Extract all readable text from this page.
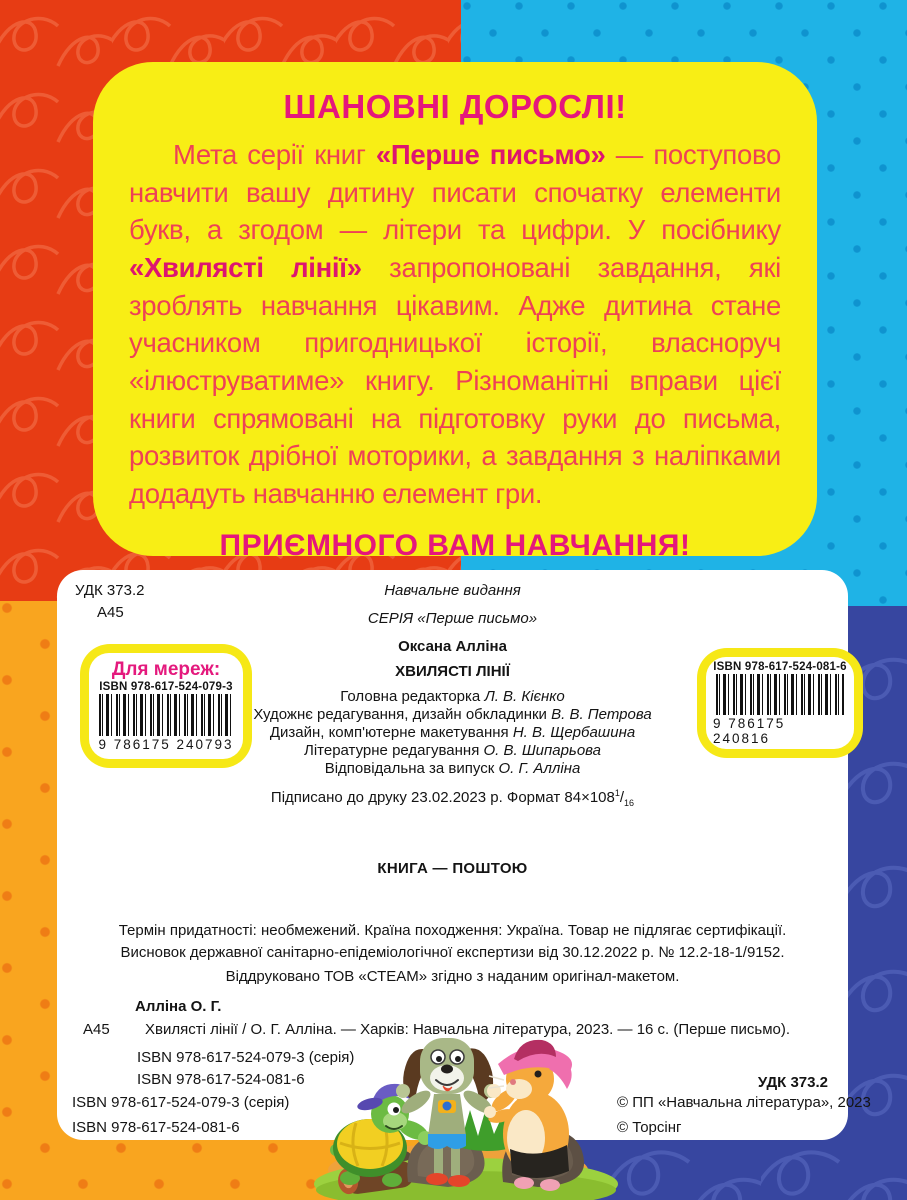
ШАНОВНІ ДОРОСЛІ!

Мета серії книг «Перше письмо» — поступово навчити вашу дитину писати спочатку елементи букв, а згодом — літери та цифри. У посібнику «Хвилясті лінії» запропоновані завдання, які зроблять навчання цікавим. Адже дитина стане учасником пригодницької історії, власноруч «ілюструватиме» книгу. Різноманітні вправи цієї книги спрямовані на підготовку руки до письма, розвиток дрібної моторики, а завдання з наліпками додадуть навчанню елемент гри.

ПРИЄМНОГО ВАМ НАВЧАННЯ!
УДК 373.2
А45
Навчальне видання
СЕРІЯ «Перше письмо»
Оксана Алліна
ХВИЛЯСТІ ЛІНІЇ
Головна редакторка Л. В. Кієнко
Художнє редагування, дизайн обкладинки В. В. Петрова
Дизайн, комп'ютерне макетування Н. В. Щербашина
Літературне редагування О. В. Шипарьова
Відповідальна за випуск О. Г. Алліна
Підписано до друку 23.02.2023 р. Формат $84\times 108^1/_{16}$
Для мереж:
ISBN 978-617-524-079-3
9 786175 240793
ISBN 978-617-524-081-6
9 786175 240816
КНИГА — ПОШТОЮ
Термін придатності: необмежений. Країна походження: Україна. Товар не підлягає сертифікації.
Висновок державної санітарно-епідеміологічної експертизи від 30.12.2022 р. № 12.2-18-1/9152.
Віддруковано ТОВ «СТЕАМ» згідно з наданим оригінал-макетом.
Алліна О. Г.
А45 Хвилясті лінії / О. Г. Алліна. — Харків: Навчальна література, 2023. — 16 с. (Перше письмо).
ISBN 978-617-524-079-3 (серія)
ISBN 978-617-524-081-6	УДК 373.2
ISBN 978-617-524-079-3 (серія)
ISBN 978-617-524-081-6
© ПП «Навчальна література», 2023
© Торсінг
